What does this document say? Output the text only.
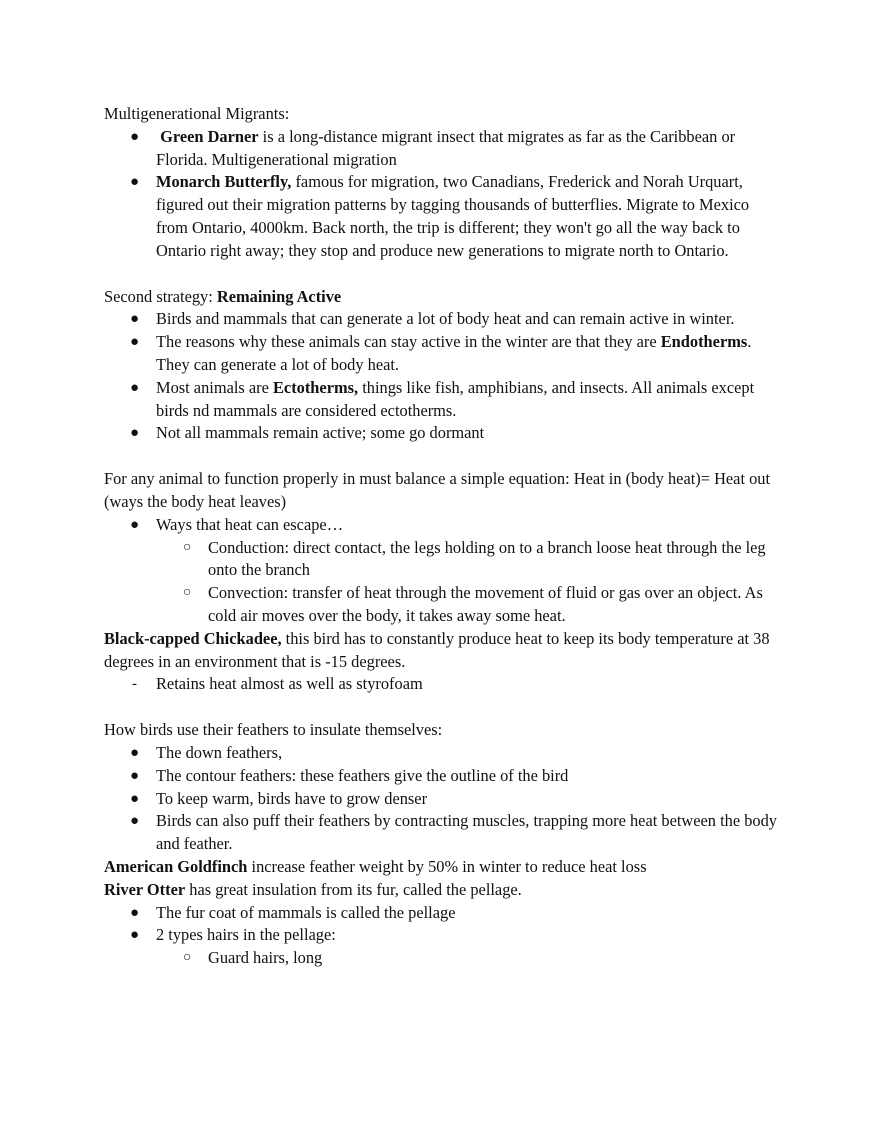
Multigenerational Migrants:

● Green Darner is a long-distance migrant insect that migrates as far as the Caribbean or Florida. Multigenerational migration
● Monarch Butterfly, famous for migration, two Canadians, Frederick and Norah Urquart, figured out their migration patterns by tagging thousands of butterflies. Migrate to Mexico from Ontario, 4000km. Back north, the trip is different; they won't go all the way back to Ontario right away; they stop and produce new generations to migrate north to Ontario.

Second strategy: Remaining Active

● Birds and mammals that can generate a lot of body heat and can remain active in winter.
● The reasons why these animals can stay active in the winter are that they are Endotherms. They can generate a lot of body heat.
● Most animals are Ectotherms, things like fish, amphibians, and insects. All animals except birds nd mammals are considered ectotherms.
● Not all mammals remain active; some go dormant

For any animal to function properly in must balance a simple equation: Heat in (body heat)= Heat out (ways the body heat leaves)

● Ways that heat can escape…
○ Conduction: direct contact, the legs holding on to a branch loose heat through the leg onto the branch
○ Convection: transfer of heat through the movement of fluid or gas over an object. As cold air moves over the body, it takes away some heat.

Black-capped Chickadee, this bird has to constantly produce heat to keep its body temperature at 38 degrees in an environment that is -15 degrees.

- Retains heat almost as well as styrofoam

How birds use their feathers to insulate themselves:

● The down feathers,
● The contour feathers: these feathers give the outline of the bird
● To keep warm, birds have to grow denser
● Birds can also puff their feathers by contracting muscles, trapping more heat between the body and feather.

American Goldfinch increase feather weight by 50% in winter to reduce heat loss

River Otter has great insulation from its fur, called the pellage.

● The fur coat of mammals is called the pellage
● 2 types hairs in the pellage:
○ Guard hairs, long
